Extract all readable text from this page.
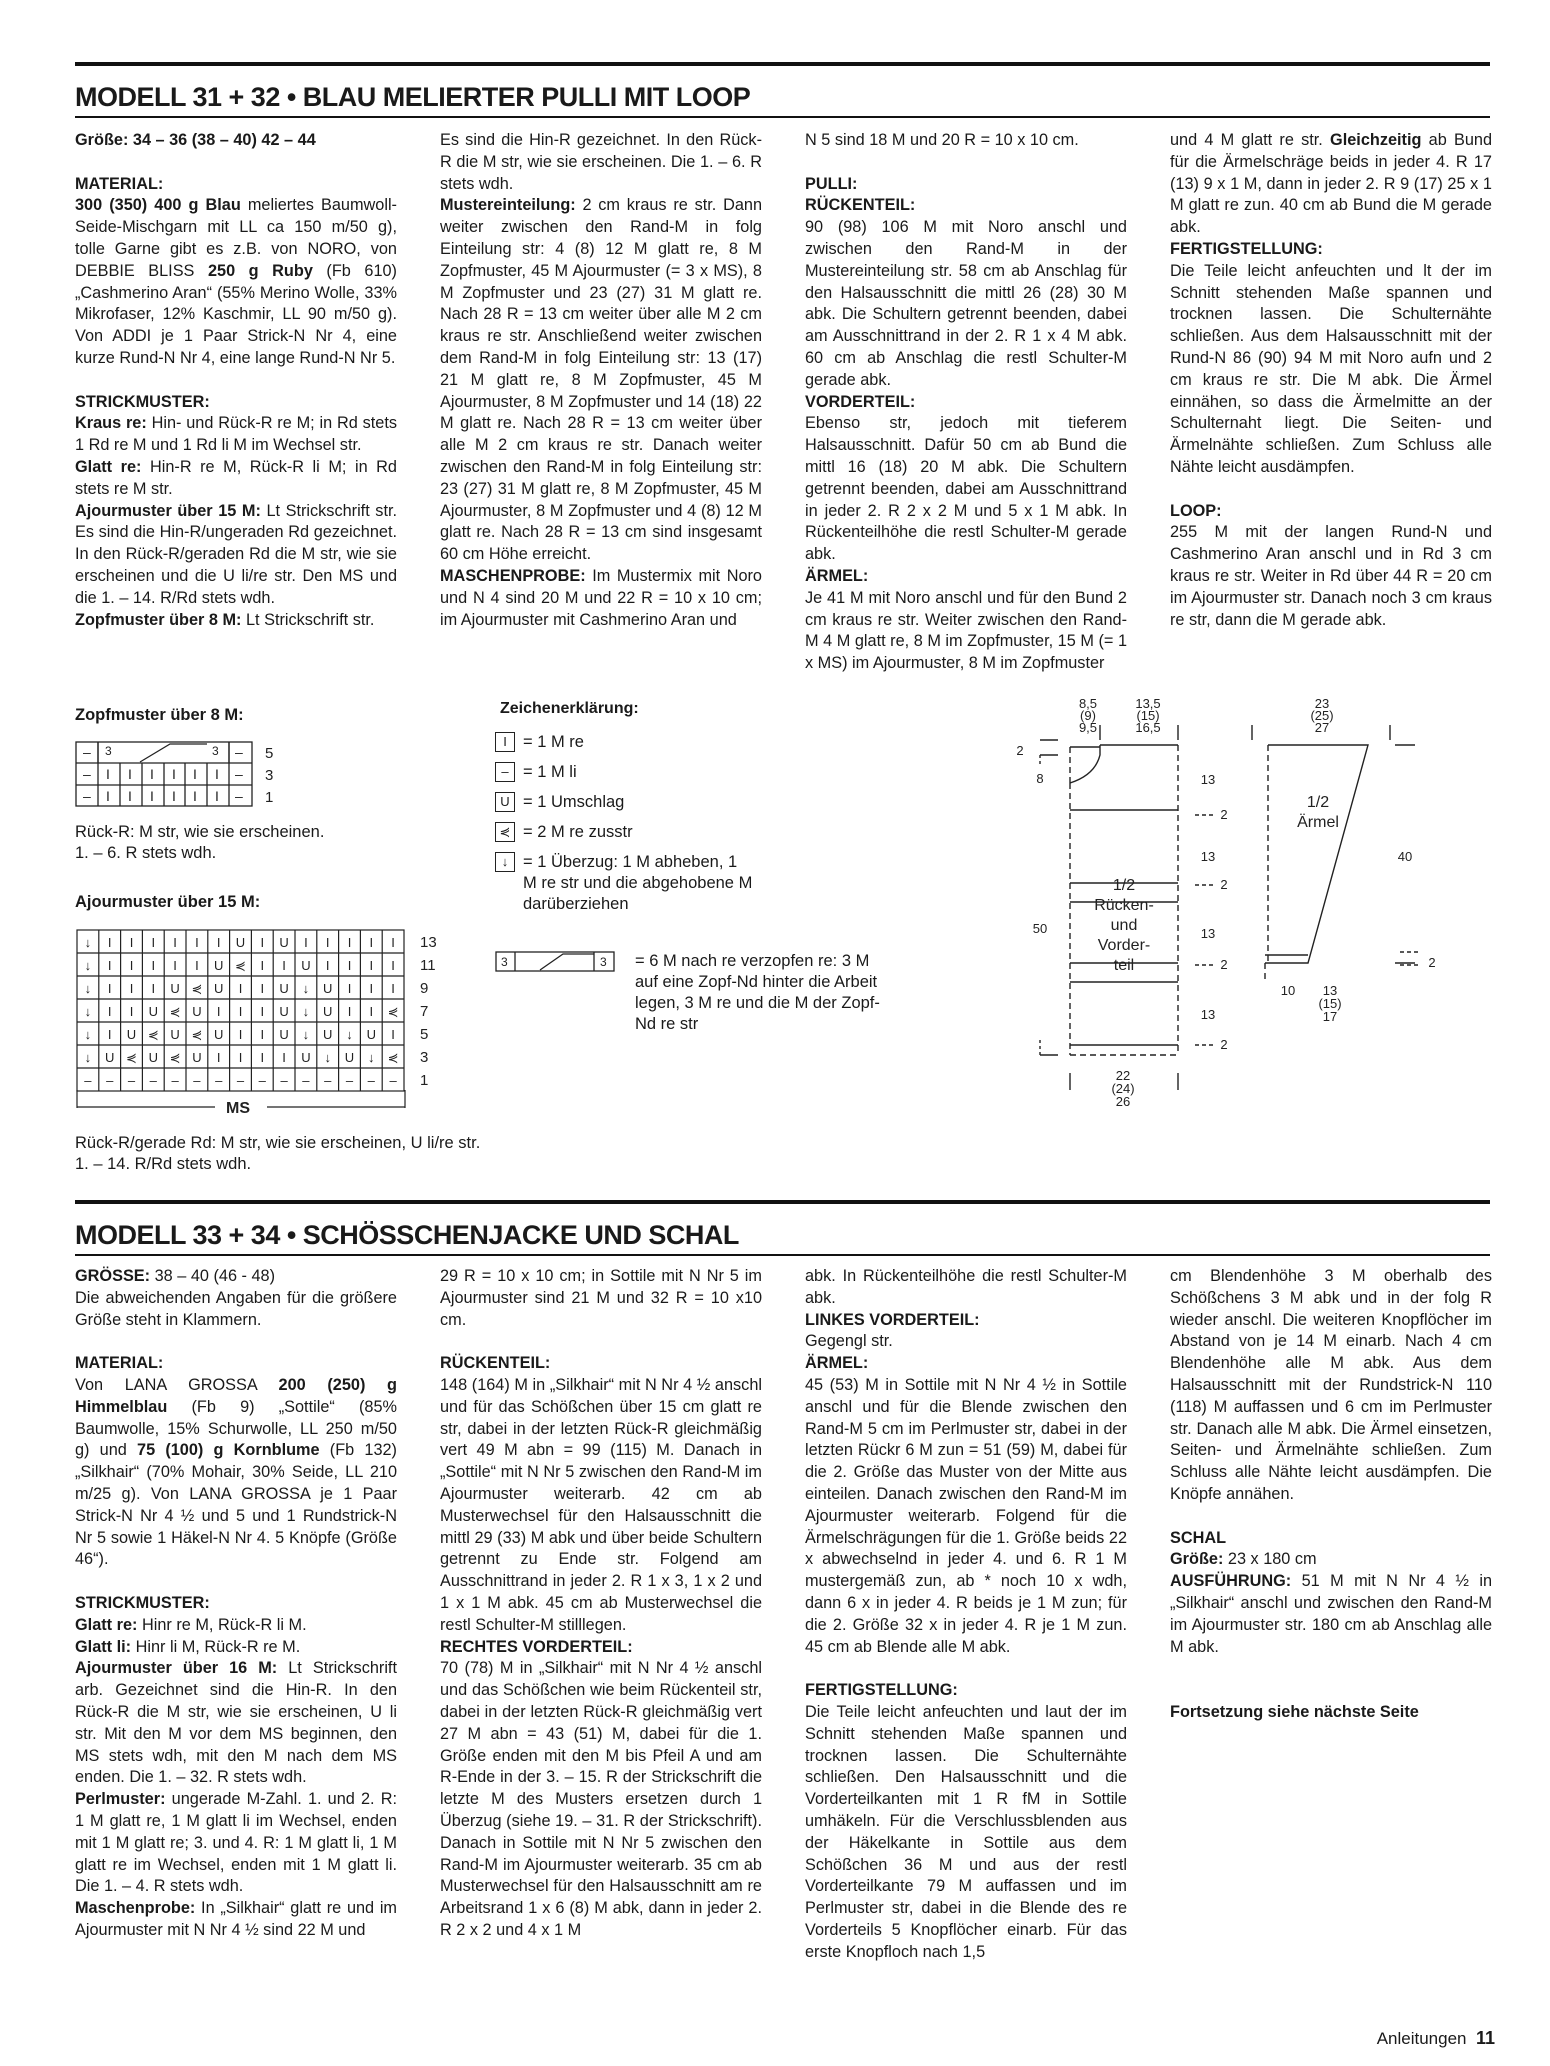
MODELL 31 + 32 • BLAU MELIERTER PULLI MIT LOOP

Größe: 34 – 36 (38 – 40) 42 – 44

MATERIAL:

300 (350) 400 g Blau meliertes Baumwoll-Seide-Mischgarn mit LL ca 150 m/50 g), tolle Garne gibt es z.B. von NORO, von DEBBIE BLISS 250 g Ruby (Fb 610) „Cashmerino Aran“ (55% Merino Wolle, 33% Mikrofaser, 12% Kaschmir, LL 90 m/50 g). Von ADDI je 1 Paar Strick-N Nr 4, eine kurze Rund-N Nr 4, eine lange Rund-N Nr 5.

STRICKMUSTER:

Kraus re: Hin- und Rück-R re M; in Rd stets 1 Rd re M und 1 Rd li M im Wechsel str.

Glatt re: Hin-R re M, Rück-R li M; in Rd stets re M str.

Ajourmuster über 15 M: Lt Strickschrift str. Es sind die Hin-R/ungeraden Rd gezeichnet. In den Rück-R/geraden Rd die M str, wie sie erscheinen und die U li/re str. Den MS und die 1. – 14. R/Rd stets wdh.

Zopfmuster über 8 M: Lt Strickschrift str.

Es sind die Hin-R gezeichnet. In den Rück-R die M str, wie sie erscheinen. Die 1. – 6. R stets wdh.

Mustereinteilung: 2 cm kraus re str. Dann weiter zwischen den Rand-M in folg Einteilung str: 4 (8) 12 M glatt re, 8 M Zopfmuster, 45 M Ajourmuster (= 3 x MS), 8 M Zopfmuster und 23 (27) 31 M glatt re. Nach 28 R = 13 cm weiter über alle M 2 cm kraus re str. Anschließend weiter zwischen dem Rand-M in folg Einteilung str: 13 (17) 21 M glatt re, 8 M Zopfmuster, 45 M Ajourmuster, 8 M Zopfmuster und 14 (18) 22 M glatt re. Nach 28 R = 13 cm weiter über alle M 2 cm kraus re str. Danach weiter zwischen den Rand-M in folg Einteilung str: 23 (27) 31 M glatt re, 8 M Zopfmuster, 45 M Ajourmuster, 8 M Zopfmuster und 4 (8) 12 M glatt re. Nach 28 R = 13 cm sind insgesamt 60 cm Höhe erreicht.

MASCHENPROBE: Im Mustermix mit Noro und N 4 sind 20 M und 22 R = 10 x 10 cm; im Ajourmuster mit Cashmerino Aran und

N 5 sind 18 M und 20 R = 10 x 10 cm.

PULLI:

RÜCKENTEIL:

90 (98) 106 M mit Noro anschl und zwischen den Rand-M in der Mustereinteilung str. 58 cm ab Anschlag für den Halsausschnitt die mittl 26 (28) 30 M abk. Die Schultern getrennt beenden, dabei am Ausschnittrand in der 2. R 1 x 4 M abk. 60 cm ab Anschlag die restl Schulter-M gerade abk.

VORDERTEIL:

Ebenso str, jedoch mit tieferem Halsausschnitt. Dafür 50 cm ab Bund die mittl 16 (18) 20 M abk. Die Schultern getrennt beenden, dabei am Ausschnittrand in jeder 2. R 2 x 2 M und 5 x 1 M abk. In Rückenteilhöhe die restl Schulter-M gerade abk.

ÄRMEL:

Je 41 M mit Noro anschl und für den Bund 2 cm kraus re str. Weiter zwischen den Rand-M 4 M glatt re, 8 M im Zopfmuster, 15 M (= 1 x MS) im Ajourmuster, 8 M im Zopfmuster

und 4 M glatt re str. Gleichzeitig ab Bund für die Ärmelschräge beids in jeder 4. R 17 (13) 9 x 1 M, dann in jeder 2. R 9 (17) 25 x 1 M glatt re zun. 40 cm ab Bund die M gerade abk.

FERTIGSTELLUNG:

Die Teile leicht anfeuchten und lt der im Schnitt stehenden Maße spannen und trocknen lassen. Die Schulternähte schließen. Aus dem Halsausschnitt mit der Rund-N 86 (90) 94 M mit Noro aufn und 2 cm kraus re str. Die M abk. Die Ärmel einnähen, so dass die Ärmelmitte an der Schulternaht liegt. Die Seiten- und Ärmelnähte schließen. Zum Schluss alle Nähte leicht ausdämpfen.

LOOP:

255 M mit der langen Rund-N und Cashmerino Aran anschl und in Rd 3 cm kraus re str. Weiter in Rd über 44 R = 20 cm im Ajourmuster str. Danach noch 3 cm kraus re str, dann die M gerade abk.

Zopfmuster über 8 M:
– 3	3 –
–
–
–
–
I I I I I I
I I I I I I
5
3
1
Rück-R: M str, wie sie erscheinen.
1. – 6. R stets wdh.
Ajourmuster über 15 M:
↓ I I I I I I U I U I I I I I
↓ I I I I I U ⋞ I I U I I I I
↓ I I I U ⋞ U I I U ↓ U I I I
↓ I I U ⋞ U I I I U ↓ U I I ⋞
↓ I U ⋞ U ⋞ U I I U ↓ U ↓ U I
↓ U ⋞ U ⋞ U I I I I U ↓ U ↓ ⋞
– – – – – – – – – – – – – – –
13
11
9
7
5
3
1
MS
Rück-R/gerade Rd: M str, wie sie erscheinen, U li/re str.
1. – 14. R/Rd stets wdh.
Zeichenerklärung:
I = 1 M re
– = 1 M li
U = 1 Umschlag
⋞ = 2 M re zusstr
↓ = 1 Überzug: 1 M abheben, 1
M re str und die abgehobene M
darüberziehen
3	3 = 6 M nach re verzopfen re: 3 M
auf eine Zopf-Nd hinter die Arbeit
legen, 3 M re und die M der Zopf-
Nd re str
8,5
(9)
9,5
13,5
(15)
16,5
2
8
50
13
2
13
2
13
2
13
2
22
(24)
26
23
(25)
27
40
2
10 13
(15)
17
1/2
Rücken-
und
Vorder-
teil
1/2
Ärmel
MODELL 33 + 34 • SCHÖSSCHENJACKE UND SCHAL

GRÖSSE: 38 – 40 (46 - 48)

Die abweichenden Angaben für die größere Größe steht in Klammern.

MATERIAL:

Von LANA GROSSA 200 (250) g Himmelblau (Fb 9) „Sottile“ (85% Baumwolle, 15% Schurwolle, LL 250 m/50 g) und 75 (100) g Kornblume (Fb 132) „Silkhair“ (70% Mohair, 30% Seide, LL 210 m/25 g). Von LANA GROSSA je 1 Paar Strick-N Nr 4 ½ und 5 und 1 Rundstrick-N Nr 5 sowie 1 Häkel-N Nr 4. 5 Knöpfe (Größe 46“).

STRICKMUSTER:

Glatt re: Hinr re M, Rück-R li M.

Glatt li: Hinr li M, Rück-R re M.

Ajourmuster über 16 M: Lt Strickschrift arb. Gezeichnet sind die Hin-R. In den Rück-R die M str, wie sie erscheinen, U li str. Mit den M vor dem MS beginnen, den MS stets wdh, mit den M nach dem MS enden. Die 1. – 32. R stets wdh.

Perlmuster: ungerade M-Zahl. 1. und 2. R: 1 M glatt re, 1 M glatt li im Wechsel, enden mit 1 M glatt re; 3. und 4. R: 1 M glatt li, 1 M glatt re im Wechsel, enden mit 1 M glatt li. Die 1. – 4. R stets wdh.

Maschenprobe: In „Silkhair“ glatt re und im Ajourmuster mit N Nr 4 ½ sind 22 M und

29 R = 10 x 10 cm; in Sottile mit N Nr 5 im Ajourmuster sind 21 M und 32 R = 10 x10 cm.

RÜCKENTEIL:

148 (164) M in „Silkhair“ mit N Nr 4 ½ anschl und für das Schößchen über 15 cm glatt re str, dabei in der letzten Rück-R gleichmäßig vert 49 M abn = 99 (115) M. Danach in „Sottile“ mit N Nr 5 zwischen den Rand-M im Ajourmuster weiterarb. 42 cm ab Musterwechsel für den Halsausschnitt die mittl 29 (33) M abk und über beide Schultern getrennt zu Ende str. Folgend am Ausschnittrand in jeder 2. R 1 x 3, 1 x 2 und 1 x 1 M abk. 45 cm ab Musterwechsel die restl Schulter-M stilllegen.

RECHTES VORDERTEIL:

70 (78) M in „Silkhair“ mit N Nr 4 ½ anschl und das Schößchen wie beim Rückenteil str, dabei in der letzten Rück-R gleichmäßig vert 27 M abn = 43 (51) M, dabei für die 1. Größe enden mit den M bis Pfeil A und am R-Ende in der 3. – 15. R der Strickschrift die letzte M des Musters ersetzen durch 1 Überzug (siehe 19. – 31. R der Strickschrift). Danach in Sottile mit N Nr 5 zwischen den Rand-M im Ajourmuster weiterarb. 35 cm ab Musterwechsel für den Halsausschnitt am re Arbeitsrand 1 x 6 (8) M abk, dann in jeder 2. R 2 x 2 und 4 x 1 M

abk. In Rückenteilhöhe die restl Schulter-M abk.

LINKES VORDERTEIL:

Gegengl str.

ÄRMEL:

45 (53) M in Sottile mit N Nr 4 ½ in Sottile anschl und für die Blende zwischen den Rand-M 5 cm im Perlmuster str, dabei in der letzten Rückr 6 M zun = 51 (59) M, dabei für die 2. Größe das Muster von der Mitte aus einteilen. Danach zwischen den Rand-M im Ajourmuster weiterarb. Folgend für die Ärmelschrägungen für die 1. Größe beids 22 x abwechselnd in jeder 4. und 6. R 1 M mustergemäß zun, ab * noch 10 x wdh, dann 6 x in jeder 4. R beids je 1 M zun; für die 2. Größe 32 x in jeder 4. R je 1 M zun. 45 cm ab Blende alle M abk.

FERTIGSTELLUNG:

Die Teile leicht anfeuchten und laut der im Schnitt stehenden Maße spannen und trocknen lassen. Die Schulternähte schließen. Den Halsausschnitt und die Vorderteilkanten mit 1 R fM in Sottile umhäkeln. Für die Verschlussblenden aus der Häkelkante in Sottile aus dem Schößchen 36 M und aus der restl Vorderteilkante 79 M auffassen und im Perlmuster str, dabei in die Blende des re Vorderteils 5 Knopflöcher einarb. Für das erste Knopfloch nach 1,5

cm Blendenhöhe 3 M oberhalb des Schößchens 3 M abk und in der folg R wieder anschl. Die weiteren Knopflöcher im Abstand von je 14 M einarb. Nach 4 cm Blendenhöhe alle M abk. Aus dem Halsausschnitt mit der Rundstrick-N 110 (118) M auffassen und 6 cm im Perlmuster str. Danach alle M abk. Die Ärmel einsetzen, Seiten- und Ärmelnähte schließen. Zum Schluss alle Nähte leicht ausdämpfen. Die Knöpfe annähen.

SCHAL

Größe: 23 x 180 cm

AUSFÜHRUNG: 51 M mit N Nr 4 ½ in „Silkhair“ anschl und zwischen den Rand-M im Ajourmuster str. 180 cm ab Anschlag alle M abk.

Fortsetzung siehe nächste Seite

Anleitungen 11
